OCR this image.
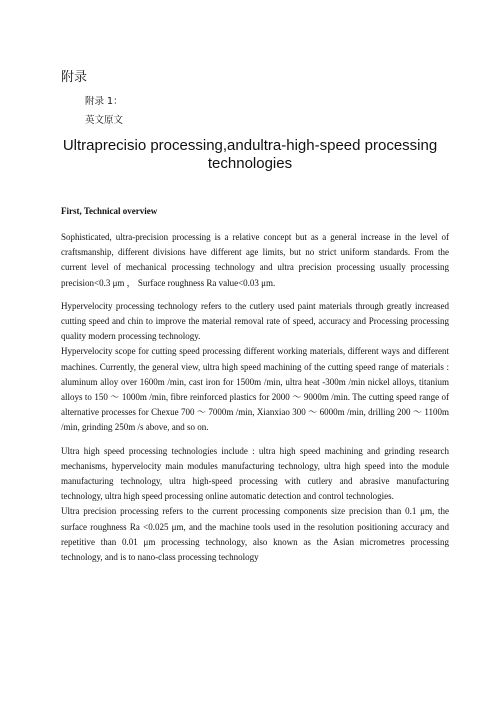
附录
附录 1：
英文原文
Ultraprecisio processing,andultra-high-speed processing technologies
First, Technical overview

Sophisticated, ultra-precision processing is a relative concept but as a general increase in the level of craftsmanship, different divisions have different age limits, but no strict uniform standards. From the current level of mechanical processing technology and ultra precision processing usually processing precision<0.3 μm ， Surface roughness Ra value<0.03 μm.

Hypervelocity processing technology refers to the cutlery used paint materials through greatly increased cutting speed and chin to improve the material removal rate of speed, accuracy and Processing processing quality modern processing technology.

Hypervelocity scope for cutting speed processing different working materials, different ways and different machines. Currently, the general view, ultra high speed machining of the cutting speed range of materials : aluminum alloy over 1600m /min, cast iron for 1500m /min, ultra heat -300m /min nickel alloys, titanium alloys to 150 ～ 1000m /min, fibre reinforced plastics for 2000 ～ 9000m /min. The cutting speed range of alternative processes for Chexue 700 ～ 7000m /min, Xianxiao 300 ～ 6000m /min, drilling 200 ～ 1100m /min, grinding 250m /s above, and so on.

Ultra high speed processing technologies include : ultra high speed machining and grinding research mechanisms, hypervelocity main modules manufacturing technology, ultra high speed into the module manufacturing technology, ultra high-speed processing with cutlery and abrasive manufacturing technology, ultra high speed processing online automatic detection and control technologies.

Ultra precision processing refers to the current processing components size precision than 0.1 μm, the surface roughness Ra <0.025 μm, and the machine tools used in the resolution positioning accuracy and repetitive than 0.01 μm processing technology, also known as the Asian micrometres processing technology, and is to nano-class processing technology
